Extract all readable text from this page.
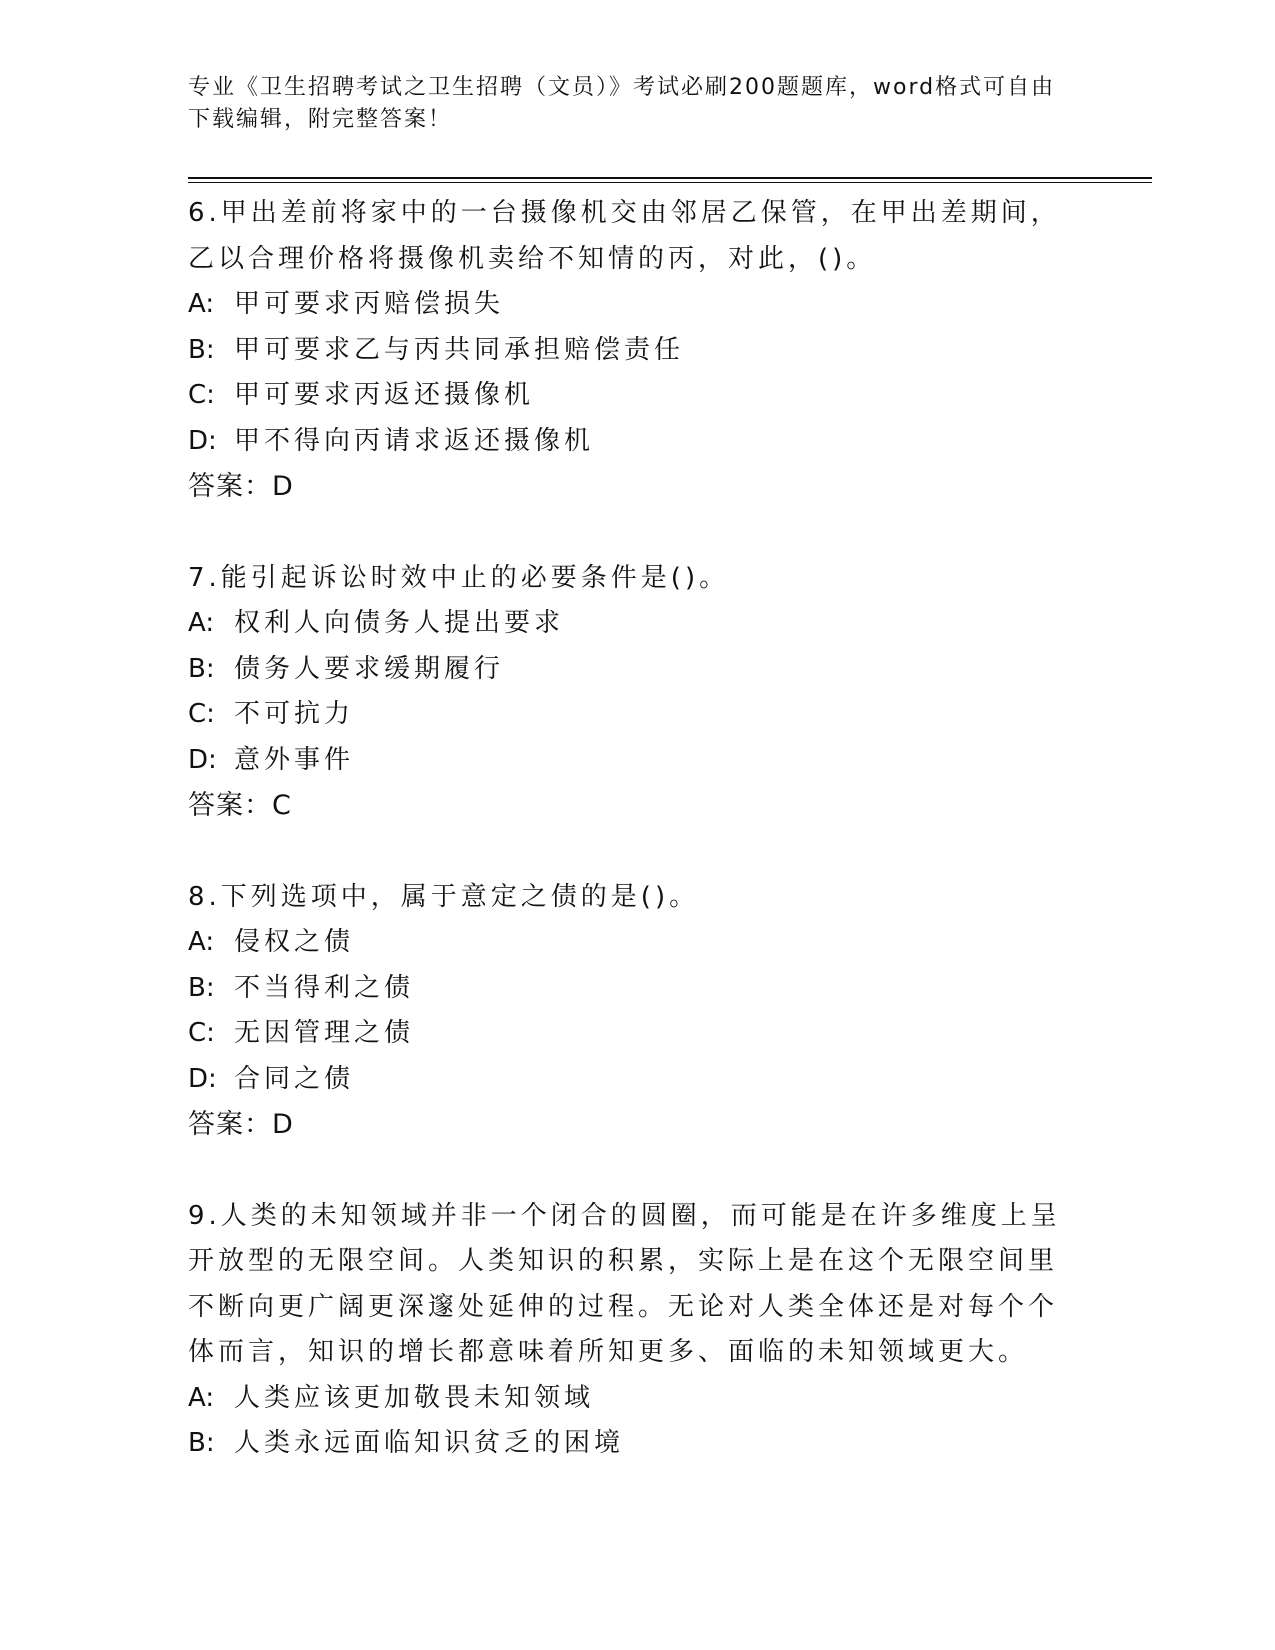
专业《卫生招聘考试之卫生招聘（文员）》考试必刷200题题库，word格式可自由下载编辑，附完整答案！
6.甲出差前将家中的一台摄像机交由邻居乙保管，在甲出差期间，乙以合理价格将摄像机卖给不知情的丙，对此，()。
A: 甲可要求丙赔偿损失
B: 甲可要求乙与丙共同承担赔偿责任
C: 甲可要求丙返还摄像机
D: 甲不得向丙请求返还摄像机
答案：D
7.能引起诉讼时效中止的必要条件是()。
A: 权利人向债务人提出要求
B: 债务人要求缓期履行
C: 不可抗力
D: 意外事件
答案：C
8.下列选项中，属于意定之债的是()。
A: 侵权之债
B: 不当得利之债
C: 无因管理之债
D: 合同之债
答案：D
9.人类的未知领域并非一个闭合的圆圈，而可能是在许多维度上呈开放型的无限空间。人类知识的积累，实际上是在这个无限空间里不断向更广阔更深邃处延伸的过程。无论对人类全体还是对每个个体而言，知识的增长都意味着所知更多、面临的未知领域更大。
A: 人类应该更加敬畏未知领域
B: 人类永远面临知识贫乏的困境
